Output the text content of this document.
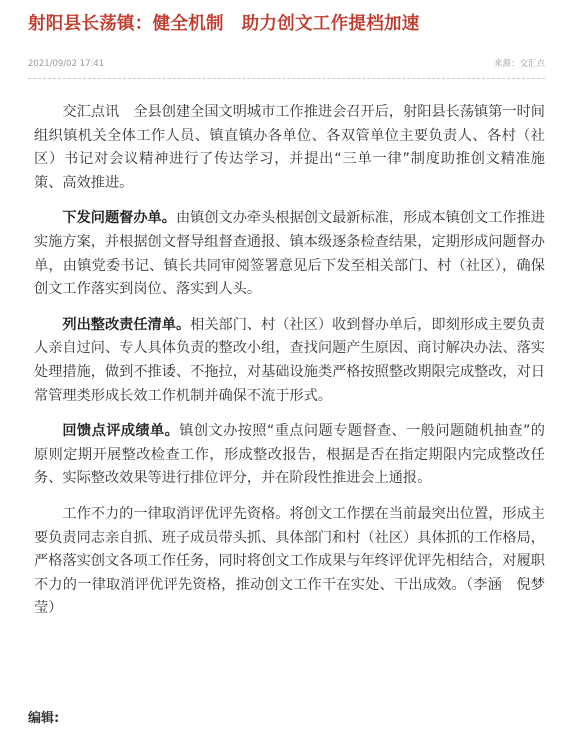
射阳县长荡镇：健全机制　助力创文工作提档加速
2021/09/02 17:41	来源：交汇点

交汇点讯　全县创建全国文明城市工作推进会召开后，射阳县长荡镇第一时间组织镇机关全体工作人员、镇直镇办各单位、各双管单位主要负责人、各村（社区）书记对会议精神进行了传达学习，并提出“三单一律”制度助推创文精准施策、高效推进。

下发问题督办单。由镇创文办牵头根据创文最新标准，形成本镇创文工作推进实施方案，并根据创文督导组督查通报、镇本级逐条检查结果，定期形成问题督办单，由镇党委书记、镇长共同审阅签署意见后下发至相关部门、村（社区），确保创文工作落实到岗位、落实到人头。

列出整改责任清单。相关部门、村（社区）收到督办单后，即刻形成主要负责人亲自过问、专人具体负责的整改小组，查找问题产生原因、商讨解决办法、落实处理措施，做到不推诿、不拖拉，对基础设施类严格按照整改期限完成整改，对日常管理类形成长效工作机制并确保不流于形式。

回馈点评成绩单。镇创文办按照“重点问题专题督查、一般问题随机抽查”的原则定期开展整改检查工作，形成整改报告，根据是否在指定期限内完成整改任务、实际整改效果等进行排位评分，并在阶段性推进会上通报。

工作不力的一律取消评优评先资格。将创文工作摆在当前最突出位置，形成主要负责同志亲自抓、班子成员带头抓、具体部门和村（社区）具体抓的工作格局，严格落实创文各项工作任务，同时将创文工作成果与年终评优评先相结合，对履职不力的一律取消评优评先资格，推动创文工作干在实处、干出成效。（李涵　倪梦莹）

编辑:
